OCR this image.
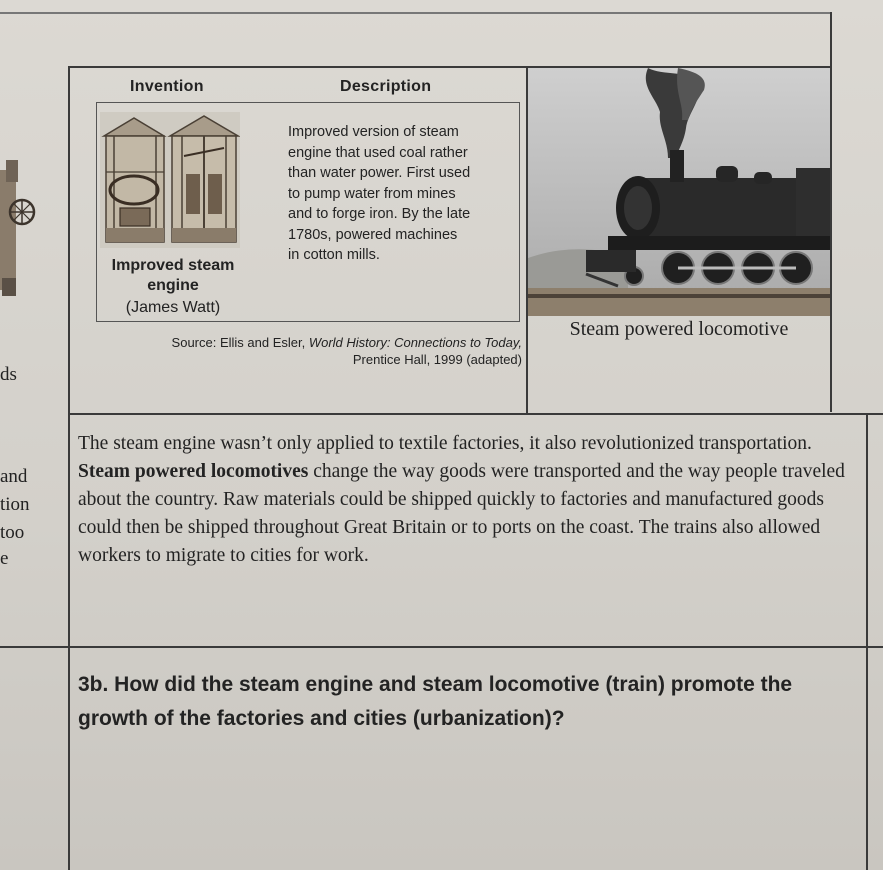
ds
and
tion
too
e
Invention	Description
Improved steam
engine
(James Watt)
Improved version of steam
engine that used coal rather
than water power. First used
to pump water from mines
and to forge iron. By the late
1780s, powered machines
in cotton mills.
Source: Ellis and Esler, World History: Connections to Today,
Prentice Hall, 1999 (adapted)
Steam powered locomotive
The steam engine wasn’t only applied to textile factories, it also revolutionized transportation. Steam powered locomotives change the way goods were transported and the way people traveled about the country. Raw materials could be shipped quickly to factories and manufactured goods could then be shipped throughout Great Britain or to ports on the coast. The trains also allowed workers to migrate to cities for work.
3b. How did the steam engine and steam locomotive (train) promote the growth of the factories and cities (urbanization)?
